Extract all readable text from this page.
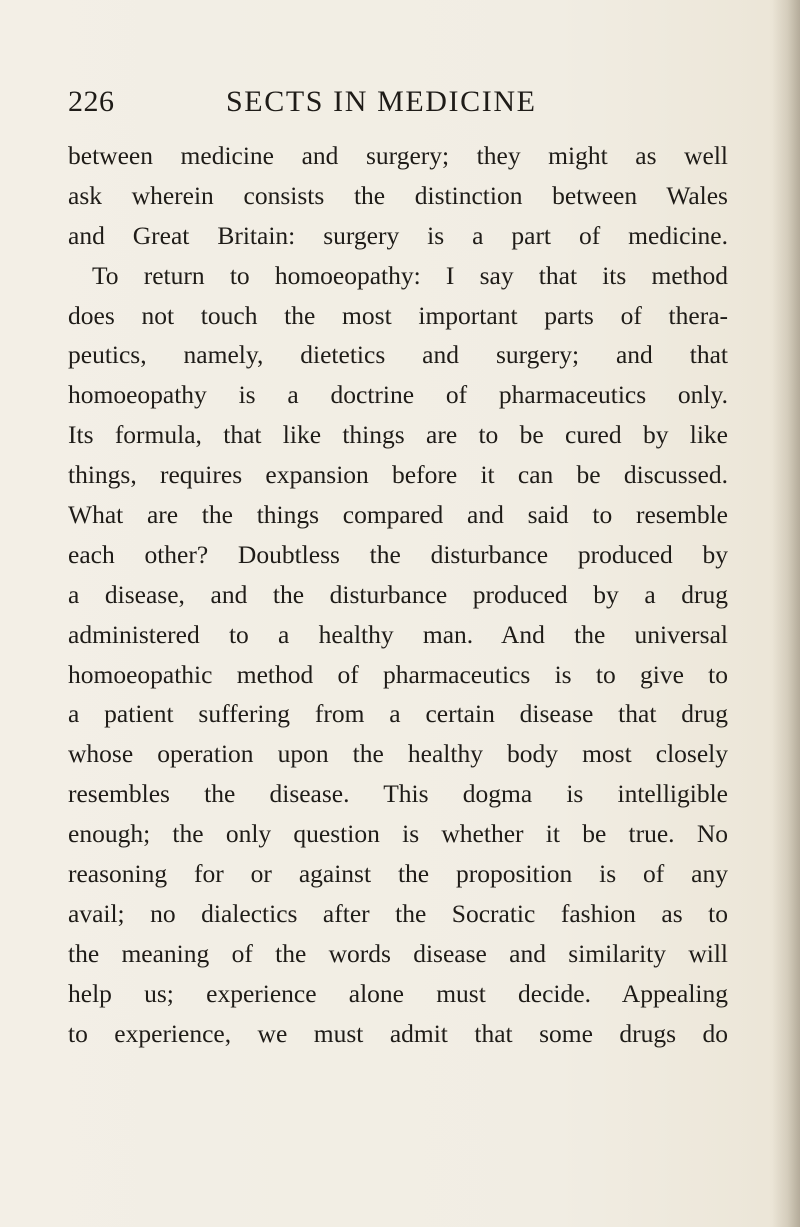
226	SECTS IN MEDICINE
between medicine and surgery; they might as well
ask wherein consists the distinction between Wales
and Great Britain: surgery is a part of medicine.
To return to homoeopathy: I say that its method
does not touch the most important parts of thera-
peutics, namely, dietetics and surgery; and that
homoeopathy is a doctrine of pharmaceutics only.
Its formula, that like things are to be cured by like
things, requires expansion before it can be discussed.
What are the things compared and said to resemble
each other? Doubtless the disturbance produced by
a disease, and the disturbance produced by a drug
administered to a healthy man. And the universal
homoeopathic method of pharmaceutics is to give to
a patient suffering from a certain disease that drug
whose operation upon the healthy body most closely
resembles the disease. This dogma is intelligible
enough; the only question is whether it be true. No
reasoning for or against the proposition is of any
avail; no dialectics after the Socratic fashion as to
the meaning of the words disease and similarity will
help us; experience alone must decide. Appealing
to experience, we must admit that some drugs do
